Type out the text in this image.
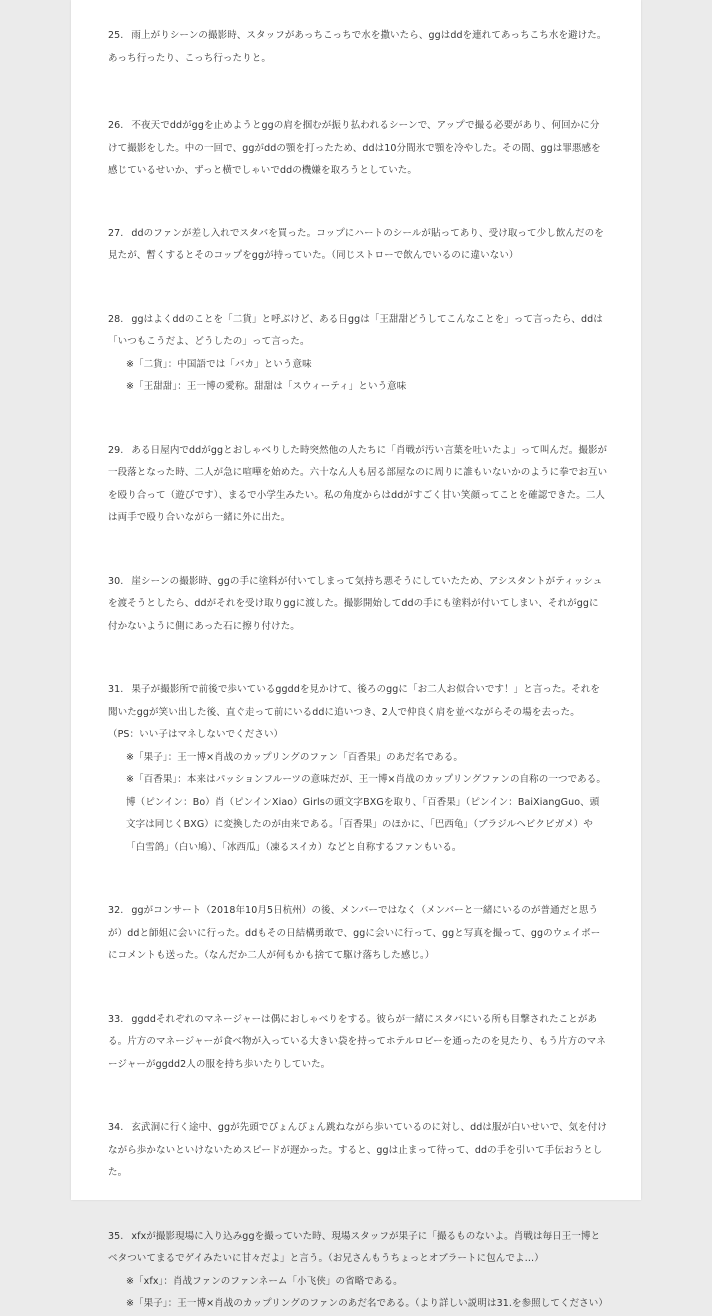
25. 雨上がりシーンの撮影時、スタッフがあっちこっちで水を撒いたら、ggはddを連れてあっちこち水を避けた。あっち行ったり、こっち行ったりと。

26. 不夜天でddがggを止めようとggの肩を掴むが振り払われるシーンで、アップで撮る必要があり、何回かに分けて撮影をした。中の一回で、ggがddの顎を打ったため、ddは10分間氷で顎を冷やした。その間、ggは罪悪感を感じているせいか、ずっと横でしゃいでddの機嫌を取ろうとしていた。

27. ddのファンが差し入れでスタバを買った。コップにハートのシールが貼ってあり、受け取って少し飲んだのを見たが、暫くするとそのコップをggが持っていた。（同じストローで飲んでいるのに違いない）

28. ggはよくddのことを「二貨」と呼ぶけど、ある日ggは「王甜甜どうしてこんなことを」って言ったら、ddは「いつもこうだよ、どうしたの」って言った。

※「二貨」：中国語では「バカ」という意味

※「王甜甜」：王一博の愛称。甜甜は「スウィーティ」という意味

29. ある日屋内でddがggとおしゃべりした時突然他の人たちに「肖戦が汚い言葉を吐いたよ」って叫んだ。撮影が一段落となった時、二人が急に喧嘩を始めた。六十なん人も居る部屋なのに周りに誰もいないかのように拳でお互いを殴り合って（遊びです）、まるで小学生みたい。私の角度からはddがすごく甘い笑顔ってことを確認できた。二人は両手で殴り合いながら一緒に外に出た。

30. 崖シーンの撮影時、ggの手に塗料が付いてしまって気持ち悪そうにしていたため、アシスタントがティッシュを渡そうとしたら、ddがそれを受け取りggに渡した。撮影開始してddの手にも塗料が付いてしまい、それがggに付かないように側にあった石に擦り付けた。

31. 果子が撮影所で前後で歩いているggddを見かけて、後ろのggに「お二人お似合いです！」と言った。それを聞いたggが笑い出した後、直ぐ走って前にいるddに追いつき、2人で仲良く肩を並べながらその場を去った。

（PS：いい子はマネしないでください）

※「果子」：王一博×肖战のカップリングのファン「百香果」のあだ名である。

※「百香果」：本来はパッションフルーツの意味だが、王一博×肖战のカップリングファンの自称の一つである。博（ピンイン：Bo）肖（ピンインXiao）Girlsの頭文字BXGを取り、「百香果」（ピンイン：BaiXiangGuo、頭文字は同じくBXG）に変換したのが由来である。「百香果」のほかに、「巴西龟」（ブラジルヘビクビガメ）や「白雪鸽」（白い鳩）、「冰西瓜」（凍るスイカ）などと自称するファンもいる。

32. ggがコンサート（2018年10月5日杭州）の後、メンバーではなく（メンバーと一緒にいるのが普通だと思うが）ddと師姐に会いに行った。ddもその日結構勇敢で、ggに会いに行って、ggと写真を撮って、ggのウェイボーにコメントも送った。（なんだか二人が何もかも捨てて駆け落ちした感じ。）

33. ggddそれぞれのマネージャーは偶におしゃべりをする。彼らが一緒にスタバにいる所も目撃されたことがある。片方のマネージャーが食べ物が入っている大きい袋を持ってホテルロビーを通ったのを見たり、もう片方のマネージャーがggdd2人の服を持ち歩いたりしていた。

34. 玄武洞に行く途中、ggが先頭でぴょんぴょん跳ねながら歩いているのに対し、ddは服が白いせいで、気を付けながら歩かないといけないためスピードが遅かった。すると、ggは止まって待って、ddの手を引いて手伝おうとした。

35. xfxが撮影現場に入り込みggを撮っていた時、現場スタッフが果子に「撮るものないよ。肖戦は毎日王一博とベタついてまるでゲイみたいに甘々だよ」と言う。（お兄さんもうちょっとオブラートに包んでよ…）

※「xfx」：肖战ファンのファンネーム「小飞侠」の省略である。

※「果子」：王一博×肖战のカップリングのファンのあだ名である。（より詳しい説明は31.を参照してください）
